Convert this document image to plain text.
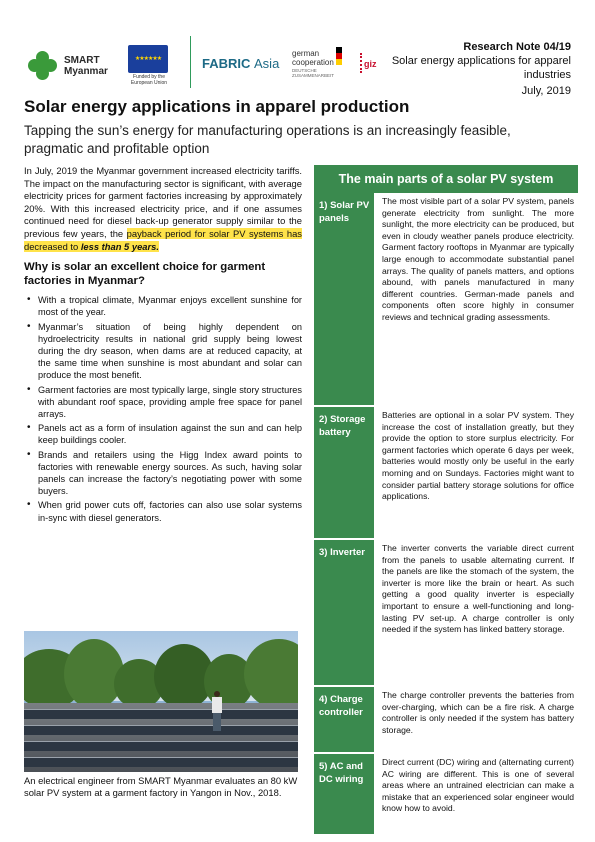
SMART
Myanmar
★★★★★★
Funded by the European Union
FABRIC Asia
german cooperation
DEUTSCHE ZUSAMMENARBEIT
giz
Research Note 04/19
Solar energy applications for apparel industries
July, 2019
Solar energy applications in apparel production
Tapping the sun’s energy for manufacturing operations is an increasingly feasible, pragmatic and profitable option

In July, 2019 the Myanmar government increased electricity tariffs. The impact on the manufacturing sector is significant, with average electricity prices for garment factories increasing by approximately 20%. With this increased electricity price, and if one assumes continued need for diesel back-up generator supply similar to the previous few years, the payback period for solar PV systems has decreased to less than 5 years.

Why is solar an excellent choice for garment factories in Myanmar?
• With a tropical climate, Myanmar enjoys excellent sunshine for most of the year.
• Myanmar’s situation of being highly dependent on hydroelectricity results in national grid supply being lowest during the dry season, when dams are at reduced capacity, at the same time when sunshine is most abundant and solar can produce the most benefit.
• Garment factories are most typically large, single story structures with abundant roof space, providing ample free space for panel arrays.
• Panels act as a form of insulation against the sun and can help keep buildings cooler.
• Brands and retailers using the Higg Index award points to factories with renewable energy sources. As such, having solar panels can increase the factory’s negotiating power with some buyers.
• When grid power cuts off, factories can also use solar systems in-sync with diesel generators.
An electrical engineer from SMART Myanmar evaluates an 80 kW solar PV system at a garment factory in Yangon in Nov., 2018.
The main parts of a solar PV system
1) Solar PV panels
The most visible part of a solar PV system, panels generate electricity from sunlight. The more sunlight, the more electricity can be produced, but even in cloudy weather panels produce electricity. Garment factory rooftops in Myanmar are typically large enough to accommodate substantial panel arrays. The quality of panels matters, and options abound, with panels manufactured in many different countries. German-made panels and components often score highly in consumer reviews and technical grading assessments.
2) Storage battery
Batteries are optional in a solar PV system. They increase the cost of installation greatly, but they provide the option to store surplus electricity. For garment factories which operate 6 days per week, batteries would mostly only be useful in the early morning and on Sundays. Factories might want to consider partial battery storage solutions for office applications.
3) Inverter	The inverter converts the variable direct current from the panels to usable alternating current. If the panels are like the stomach of the system, the inverter is more like the brain or heart. As such getting a good quality inverter is especially important to ensure a well-functioning and long-lasting PV set-up. A charge controller is only needed if the system has linked battery storage.
4) Charge controller
The charge controller prevents the batteries from over-charging, which can be a fire risk. A charge controller is only needed if the system has battery storage.
5) AC and DC wiring
Direct current (DC) wiring and (alternating current) AC wiring are different. This is one of several areas where an untrained electrician can make a mistake that an experienced solar engineer would know how to avoid.
